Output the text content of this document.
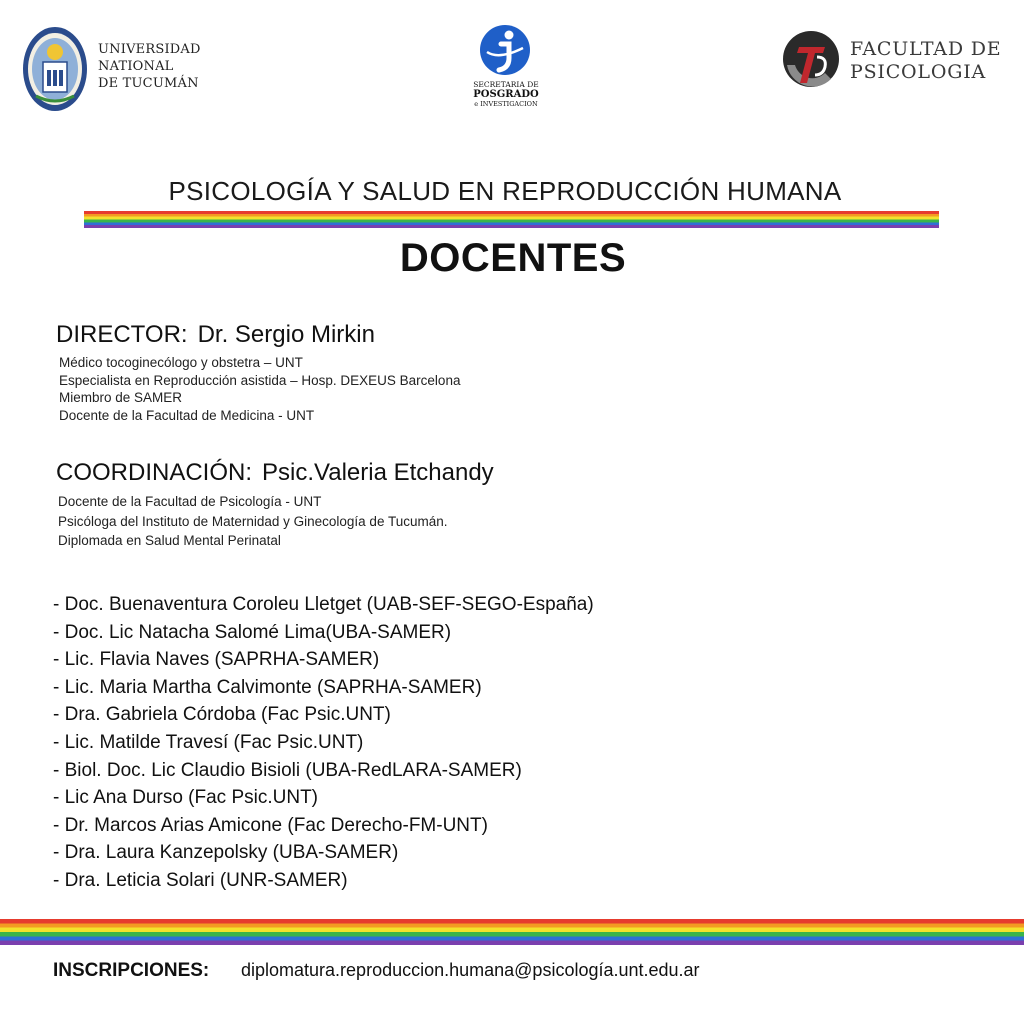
UNIVERSIDAD
NATIONAL
DE TUCUMÁN	SECRETARIA DE
POSGRADO
e INVESTIGACION
FACULTAD DE
PSICOLOGIA
PSICOLOGÍA Y SALUD EN REPRODUCCIÓN HUMANA
DOCENTES
DIRECTOR: Dr. Sergio Mirkin
Médico tocoginecólogo y obstetra – UNT
Especialista en Reproducción asistida – Hosp. DEXEUS Barcelona
Miembro de SAMER
Docente de la Facultad de Medicina - UNT
COORDINACIÓN: Psic.Valeria Etchandy
Docente de la Facultad de Psicología - UNT
Psicóloga del Instituto de Maternidad y Ginecología de Tucumán.
Diplomada en Salud Mental Perinatal
- Doc. Buenaventura Coroleu Lletget (UAB-SEF-SEGO-España)
- Doc. Lic Natacha Salomé Lima(UBA-SAMER)
- Lic. Flavia Naves (SAPRHA-SAMER)
- Lic. Maria Martha Calvimonte (SAPRHA-SAMER)
- Dra. Gabriela Córdoba (Fac Psic.UNT)
- Lic. Matilde Travesí (Fac Psic.UNT)
- Biol. Doc. Lic Claudio Bisioli (UBA-RedLARA-SAMER)
- Lic Ana Durso (Fac Psic.UNT)
- Dr. Marcos Arias Amicone (Fac Derecho-FM-UNT)
- Dra. Laura Kanzepolsky (UBA-SAMER)
- Dra. Leticia Solari (UNR-SAMER)
INSCRIPCIONES: diplomatura.reproduccion.humana@psicología.unt.edu.ar
